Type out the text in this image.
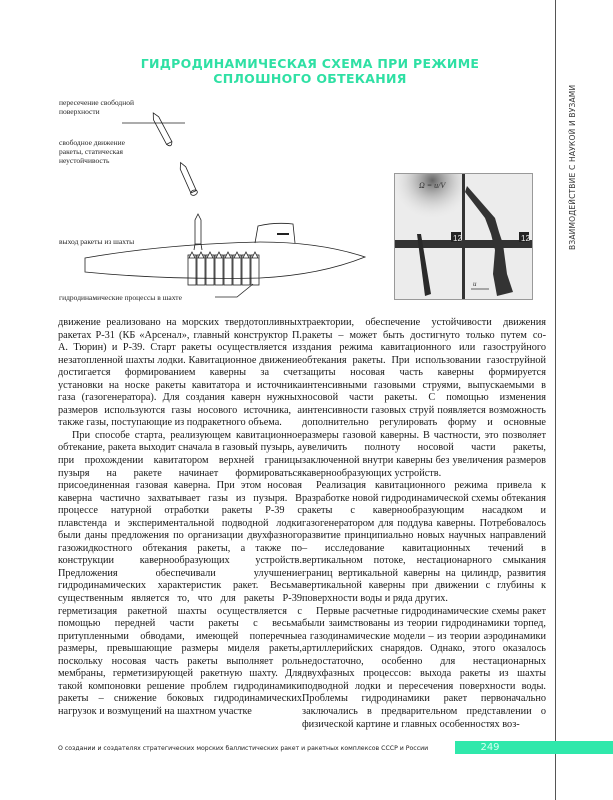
ГИДРОДИНАМИЧЕСКАЯ СХЕМА ПРИ РЕЖИМЕ
СПЛОШНОГО ОБТЕКАНИЯ
ВЗАИМОДЕЙСТВИЕ С НАУКОЙ И ВУЗАМИ
пересечение свободной
поверхности
свободное движение
ракеты, статическая
неустойчивость
выход ракеты из шахты
гидродинамические процессы в шахте
12	12
Ω = u/V
u

движение реализовано на морских твердотопливных ракетах Р-31 (КБ «Арсенал», главный конструктор П. А. Тюрин) и Р-39. Старт ракеты осуществляется из незатопленной шахты лодки. Кавитационное движение достигается формированием каверны за счет установки на носке ракеты кавитатора и источника газа (газогенератора). Для создания каверн нужных размеров используются газы носового источника, а также газы, поступающие из подракетного объема.

При способе старта, реализующем кавитационное обтекание, ракета выходит сначала в газовый пузырь, а при прохождении кавитатором верхней границы пузыря на ракете начинает формироваться присоединенная газовая каверна. При этом носовая каверна частично захватывает газы из пузыря. В процессе натурной отработки ракеты Р-39 с плавстенда и экспериментальной подводной лодки были даны предложения по организации двухфазного газожидкостного обтекания ракеты, а также по конструкции кавернообразующих устройств. Предложения обеспечивали улучшение гидродинамических характеристик ракет. Весьма существенным является то, что для ракеты Р-39 герметизация ракетной шахты осуществляется с помощью передней части ракеты с весьма притупленными обводами, имеющей поперечные размеры, превышающие размеры миделя ракеты, поскольку носовая часть ракеты выполняет роль мембраны, герметизирующей ракетную шахту. Для такой компоновки решение проблем гидродинамики ракеты – снижение боковых гидродинамических нагрузок и возмущений на шахтном участке

траектории, обеспечение устойчивости движения ракеты – может быть достигнуто только путем создания режима кавитационного или газоструйного обтекания ракеты. При использовании газоструйной защиты носовая часть каверны формируется интенсивными газовыми струями, выпускаемыми в носовой части ракеты. С помощью изменения интенсивности газовых струй появляется возможность дополнительно регулировать форму и основные размеры газовой каверны. В частности, это позволяет увеличить полноту носовой части ракеты, заключенной внутри каверны без увеличения размеров кавернообразующих устройств.

Реализация кавитационного режима привела к разработке новой гидродинамической схемы обтекания ракеты с кавернообразующим насадком и газогенератором для поддува каверны. Потребовалось развитие принципиально новых научных направлений – исследование кавитационных течений в вертикальном потоке, нестационарного смыкания границ вертикальной каверны на цилиндр, развития вертикальной каверны при движении с глубины к поверхности воды и ряда других.

Первые расчетные гидродинамические схемы ракет были заимствованы из теории гидродинамики торпед, а газодинамические модели – из теории аэродинамики артиллерийских снарядов. Однако, этого оказалось недостаточно, особенно для нестационарных двухфазных процессов: выхода ракеты из шахты подводной лодки и пересечения поверхности воды. Проблемы гидродинамики ракет первоначально заключались в предварительном представлении о физической картине и главных особенностях воз-

О создании и создателях стратегических морских баллистических ракет и ракетных комплексов СССР и России	249
